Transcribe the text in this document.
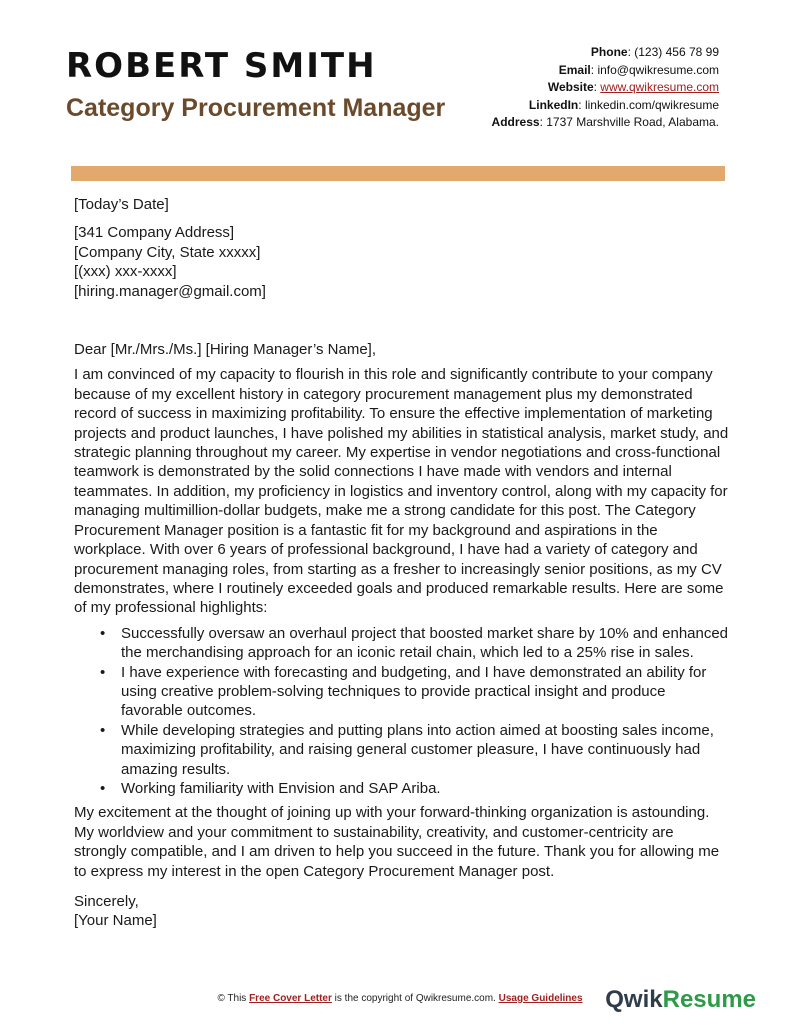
ROBERT SMITH
Category Procurement Manager
Phone: (123) 456 78 99
Email: info@qwikresume.com
Website: www.qwikresume.com
LinkedIn: linkedin.com/qwikresume
Address: 1737 Marshville Road, Alabama.

[Today’s Date]

[341 Company Address]
[Company City, State xxxxx]
[(xxx) xxx-xxxx]
[hiring.manager@gmail.com]

Dear [Mr./Mrs./Ms.] [Hiring Manager’s Name],

I am convinced of my capacity to flourish in this role and significantly contribute to your company because of my excellent history in category procurement management plus my demonstrated record of success in maximizing profitability. To ensure the effective implementation of marketing projects and product launches, I have polished my abilities in statistical analysis, market study, and strategic planning throughout my career. My expertise in vendor negotiations and cross-functional teamwork is demonstrated by the solid connections I have made with vendors and internal teammates. In addition, my proficiency in logistics and inventory control, along with my capacity for managing multimillion-dollar budgets, make me a strong candidate for this post. The Category Procurement Manager position is a fantastic fit for my background and aspirations in the workplace. With over 6 years of professional background, I have had a variety of category and procurement managing roles, from starting as a fresher to increasingly senior positions, as my CV demonstrates, where I routinely exceeded goals and produced remarkable results. Here are some of my professional highlights:

• Successfully oversaw an overhaul project that boosted market share by 10% and enhanced the merchandising approach for an iconic retail chain, which led to a 25% rise in sales.
• I have experience with forecasting and budgeting, and I have demonstrated an ability for using creative problem-solving techniques to provide practical insight and produce favorable outcomes.
• While developing strategies and putting plans into action aimed at boosting sales income, maximizing profitability, and raising general customer pleasure, I have continuously had amazing results.
• Working familiarity with Envision and SAP Ariba.

My excitement at the thought of joining up with your forward-thinking organization is astounding. My worldview and your commitment to sustainability, creativity, and customer-centricity are strongly compatible, and I am driven to help you succeed in the future. Thank you for allowing me to express my interest in the open Category Procurement Manager post.

Sincerely,

[Your Name]

© This Free Cover Letter is the copyright of Qwikresume.com. Usage Guidelines QwikResume
